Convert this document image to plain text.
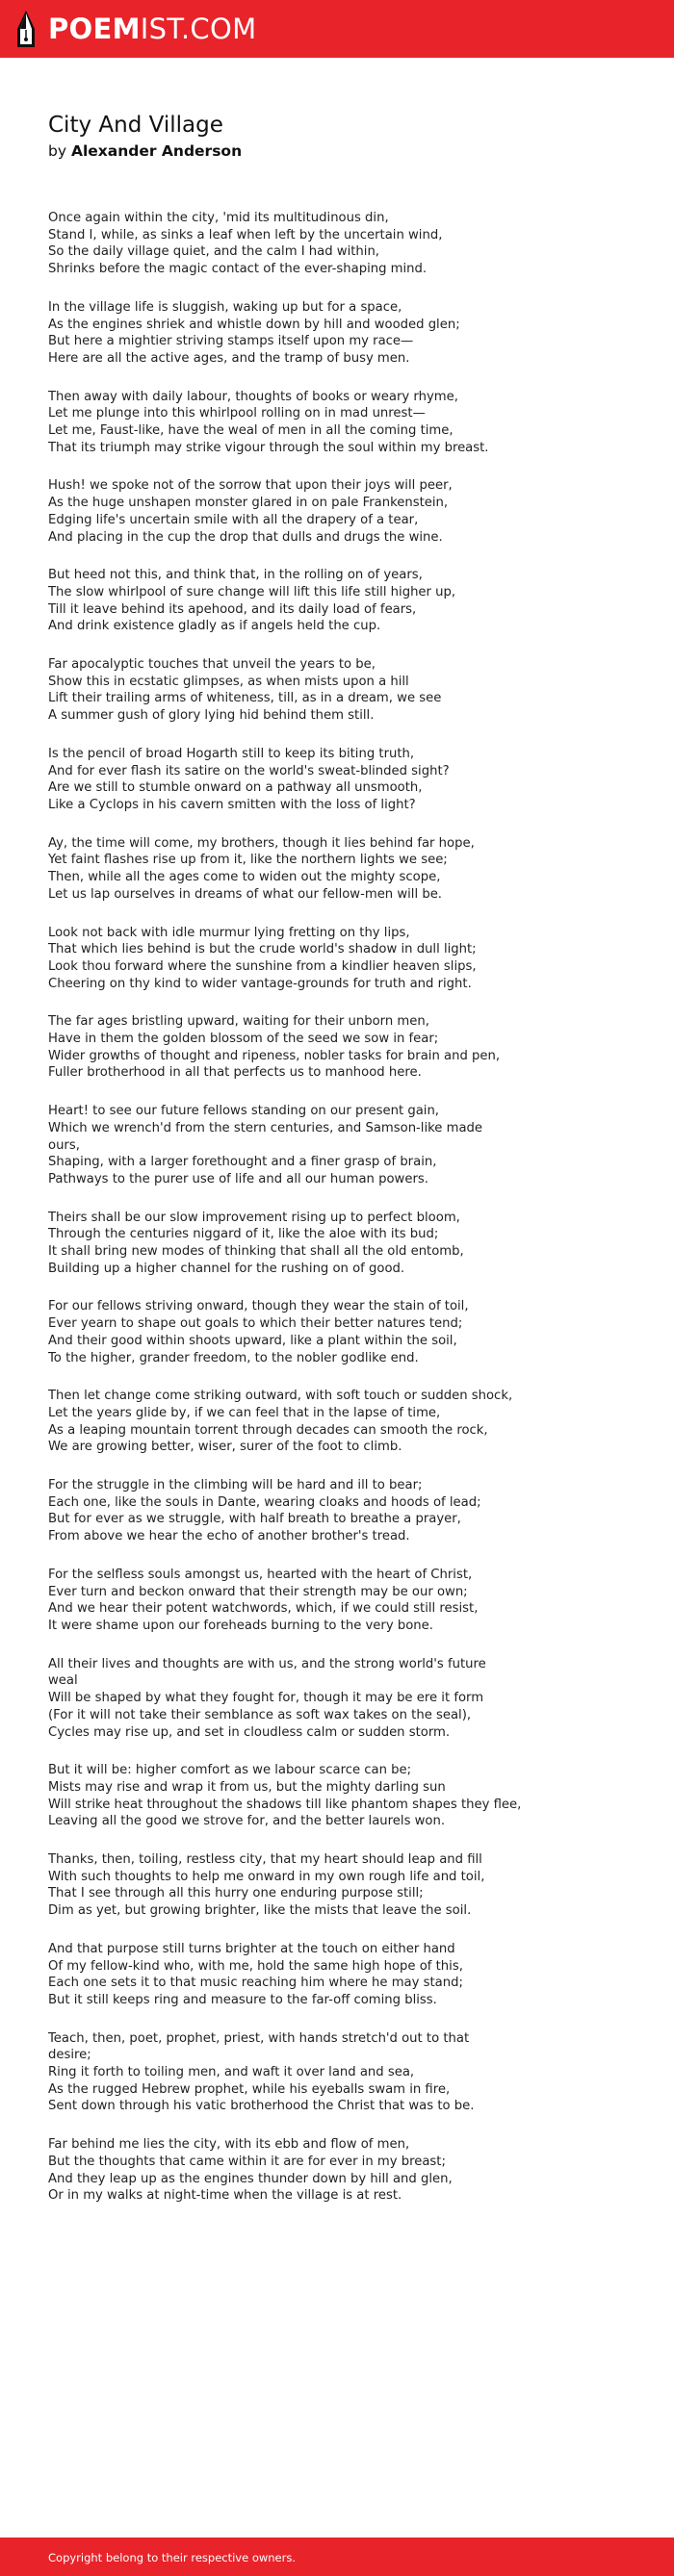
POEMIST.COM
City And Village
by Alexander Anderson
Once again within the city, 'mid its multitudinous din,
Stand I, while, as sinks a leaf when left by the uncertain wind,
So the daily village quiet, and the calm I had within,
Shrinks before the magic contact of the ever-shaping mind.
In the village life is sluggish, waking up but for a space,
As the engines shriek and whistle down by hill and wooded glen;
But here a mightier striving stamps itself upon my race—
Here are all the active ages, and the tramp of busy men.
Then away with daily labour, thoughts of books or weary rhyme,
Let me plunge into this whirlpool rolling on in mad unrest—
Let me, Faust-like, have the weal of men in all the coming time,
That its triumph may strike vigour through the soul within my breast.
Hush! we spoke not of the sorrow that upon their joys will peer,
As the huge unshapen monster glared in on pale Frankenstein,
Edging life's uncertain smile with all the drapery of a tear,
And placing in the cup the drop that dulls and drugs the wine.
But heed not this, and think that, in the rolling on of years,
The slow whirlpool of sure change will lift this life still higher up,
Till it leave behind its apehood, and its daily load of fears,
And drink existence gladly as if angels held the cup.
Far apocalyptic touches that unveil the years to be,
Show this in ecstatic glimpses, as when mists upon a hill
Lift their trailing arms of whiteness, till, as in a dream, we see
A summer gush of glory lying hid behind them still.
Is the pencil of broad Hogarth still to keep its biting truth,
And for ever flash its satire on the world's sweat-blinded sight?
Are we still to stumble onward on a pathway all unsmooth,
Like a Cyclops in his cavern smitten with the loss of light?
Ay, the time will come, my brothers, though it lies behind far hope,
Yet faint flashes rise up from it, like the northern lights we see;
Then, while all the ages come to widen out the mighty scope,
Let us lap ourselves in dreams of what our fellow-men will be.
Look not back with idle murmur lying fretting on thy lips,
That which lies behind is but the crude world's shadow in dull light;
Look thou forward where the sunshine from a kindlier heaven slips,
Cheering on thy kind to wider vantage-grounds for truth and right.
The far ages bristling upward, waiting for their unborn men,
Have in them the golden blossom of the seed we sow in fear;
Wider growths of thought and ripeness, nobler tasks for brain and pen,
Fuller brotherhood in all that perfects us to manhood here.
Heart! to see our future fellows standing on our present gain,
Which we wrench'd from the stern centuries, and Samson-like made
ours,
Shaping, with a larger forethought and a finer grasp of brain,
Pathways to the purer use of life and all our human powers.
Theirs shall be our slow improvement rising up to perfect bloom,
Through the centuries niggard of it, like the aloe with its bud;
It shall bring new modes of thinking that shall all the old entomb,
Building up a higher channel for the rushing on of good.
For our fellows striving onward, though they wear the stain of toil,
Ever yearn to shape out goals to which their better natures tend;
And their good within shoots upward, like a plant within the soil,
To the higher, grander freedom, to the nobler godlike end.
Then let change come striking outward, with soft touch or sudden shock,
Let the years glide by, if we can feel that in the lapse of time,
As a leaping mountain torrent through decades can smooth the rock,
We are growing better, wiser, surer of the foot to climb.
For the struggle in the climbing will be hard and ill to bear;
Each one, like the souls in Dante, wearing cloaks and hoods of lead;
But for ever as we struggle, with half breath to breathe a prayer,
From above we hear the echo of another brother's tread.
For the selfless souls amongst us, hearted with the heart of Christ,
Ever turn and beckon onward that their strength may be our own;
And we hear their potent watchwords, which, if we could still resist,
It were shame upon our foreheads burning to the very bone.
All their lives and thoughts are with us, and the strong world's future
weal
Will be shaped by what they fought for, though it may be ere it form
(For it will not take their semblance as soft wax takes on the seal),
Cycles may rise up, and set in cloudless calm or sudden storm.
But it will be: higher comfort as we labour scarce can be;
Mists may rise and wrap it from us, but the mighty darling sun
Will strike heat throughout the shadows till like phantom shapes they flee,
Leaving all the good we strove for, and the better laurels won.
Thanks, then, toiling, restless city, that my heart should leap and fill
With such thoughts to help me onward in my own rough life and toil,
That I see through all this hurry one enduring purpose still;
Dim as yet, but growing brighter, like the mists that leave the soil.
And that purpose still turns brighter at the touch on either hand
Of my fellow-kind who, with me, hold the same high hope of this,
Each one sets it to that music reaching him where he may stand;
But it still keeps ring and measure to the far-off coming bliss.
Teach, then, poet, prophet, priest, with hands stretch'd out to that
desire;
Ring it forth to toiling men, and waft it over land and sea,
As the rugged Hebrew prophet, while his eyeballs swam in fire,
Sent down through his vatic brotherhood the Christ that was to be.
Far behind me lies the city, with its ebb and flow of men,
But the thoughts that came within it are for ever in my breast;
And they leap up as the engines thunder down by hill and glen,
Or in my walks at night-time when the village is at rest.
Copyright belong to their respective owners.
